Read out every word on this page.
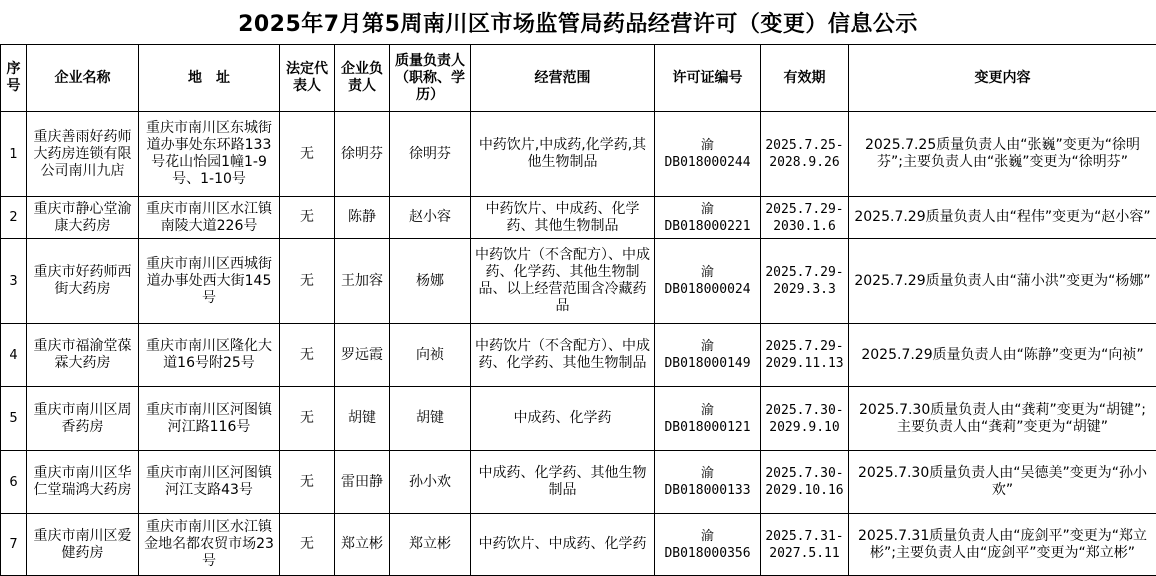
2025年7月第5周南川区市场监管局药品经营许可（变更）信息公示
序号	企业名称	地　址	法定代表人	企业负责人	质量负责人（职称、学历）	经营范围	许可证编号	有效期	变更内容
1	重庆善雨好药师大药房连锁有限公司南川九店	重庆市南川区东城街道办事处东环路133号花山怡园1幢1-9号、1-10号	无	徐明芬	徐明芬	中药饮片,中成药,化学药,其他生物制品	渝DB018000244	2025.7.25-2028.9.26	2025.7.25质量负责人由“张巍”变更为“徐明芬”;主要负责人由“张巍”变更为“徐明芬”
2	重庆市静心堂渝康大药房	重庆市南川区水江镇南陵大道226号	无	陈静	赵小容	中药饮片、中成药、化学药、其他生物制品	渝DB018000221	2025.7.29-2030.1.6	2025.7.29质量负责人由“程伟”变更为“赵小容”
3	重庆市好药师西街大药房	重庆市南川区西城街道办事处西大街145号	无	王加容	杨娜	中药饮片（不含配方）、中成药、化学药、其他生物制品、以上经营范围含冷藏药品	渝DB018000024	2025.7.29-2029.3.3	2025.7.29质量负责人由“蒲小洪”变更为“杨娜”
4	重庆市福渝堂葆霖大药房	重庆市南川区隆化大道16号附25号	无	罗远霞	向祯	中药饮片（不含配方）、中成药、化学药、其他生物制品	渝DB018000149	2025.7.29-2029.11.13	2025.7.29质量负责人由“陈静”变更为“向祯”
5	重庆市南川区周香药房	重庆市南川区河图镇河江路116号	无	胡键	胡键	中成药、化学药	渝DB018000121	2025.7.30-2029.9.10	2025.7.30质量负责人由“龚莉”变更为“胡键”;主要负责人由“龚莉”变更为“胡键”
6	重庆市南川区华仁堂瑞鸿大药房	重庆市南川区河图镇河江支路43号	无	雷田静	孙小欢	中成药、化学药、其他生物制品	渝DB018000133	2025.7.30-2029.10.16	2025.7.30质量负责人由“吴德美”变更为“孙小欢”
7	重庆市南川区爱健药房	重庆市南川区水江镇金地名都农贸市场23号	无	郑立彬	郑立彬	中药饮片、中成药、化学药	渝DB018000356	2025.7.31-2027.5.11	2025.7.31质量负责人由“庞剑平”变更为“郑立彬”;主要负责人由“庞剑平”变更为“郑立彬”
